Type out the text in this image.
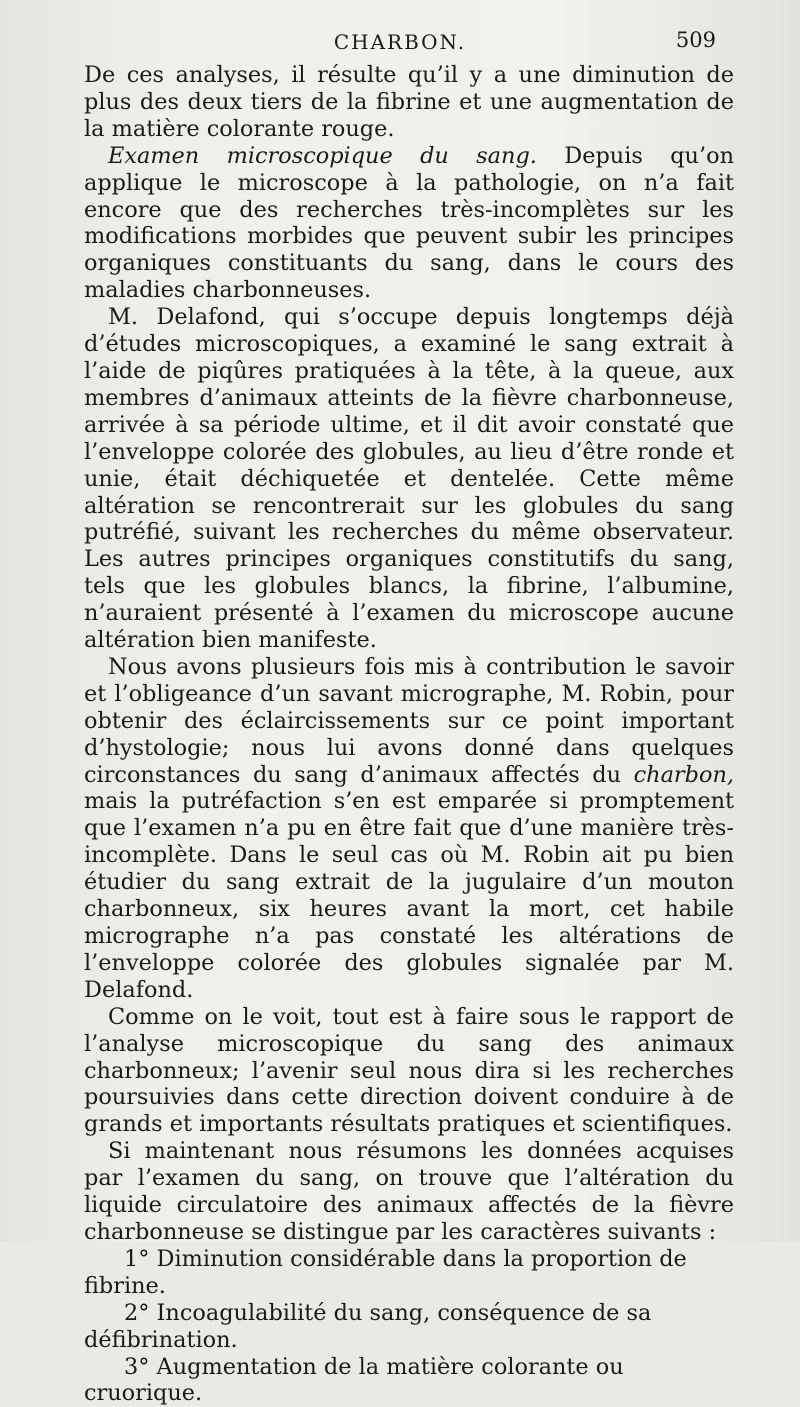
CHARBON.	509

De ces analyses, il résulte qu’il y a une diminution de plus des deux tiers de la fibrine et une augmentation de la matière colorante rouge.

Examen microscopique du sang. Depuis qu’on applique le microscope à la pathologie, on n’a fait encore que des recherches très-incomplètes sur les modifications morbides que peuvent subir les principes organiques constituants du sang, dans le cours des maladies charbonneuses.

M. Delafond, qui s’occupe depuis longtemps déjà d’études microscopiques, a examiné le sang extrait à l’aide de piqûres pratiquées à la tête, à la queue, aux membres d’animaux atteints de la fièvre charbonneuse, arrivée à sa période ultime, et il dit avoir constaté que l’enveloppe colorée des globules, au lieu d’être ronde et unie, était déchiquetée et dentelée. Cette même altération se rencontrerait sur les globules du sang putréfié, suivant les recherches du même observateur. Les autres principes organiques constitutifs du sang, tels que les globules blancs, la fibrine, l’albumine, n’auraient présenté à l’examen du microscope aucune altération bien manifeste.

Nous avons plusieurs fois mis à contribution le savoir et l’obligeance d’un savant micrographe, M. Robin, pour obtenir des éclaircissements sur ce point important d’hystologie; nous lui avons donné dans quelques circonstances du sang d’animaux affectés du charbon, mais la putréfaction s’en est emparée si promptement que l’examen n’a pu en être fait que d’une manière très-incomplète. Dans le seul cas où M. Robin ait pu bien étudier du sang extrait de la jugulaire d’un mouton charbonneux, six heures avant la mort, cet habile micrographe n’a pas constaté les altérations de l’enveloppe colorée des globules signalée par M. Delafond.

Comme on le voit, tout est à faire sous le rapport de l’analyse microscopique du sang des animaux charbonneux; l’avenir seul nous dira si les recherches poursuivies dans cette direction doivent conduire à de grands et importants résultats pratiques et scientifiques.

Si maintenant nous résumons les données acquises par l’examen du sang, on trouve que l’altération du liquide circulatoire des animaux affectés de la fièvre charbonneuse se distingue par les caractères suivants :

1° Diminution considérable dans la proportion de fibrine.

2° Incoagulabilité du sang, conséquence de sa défibrination.

3° Augmentation de la matière colorante ou cruorique.
